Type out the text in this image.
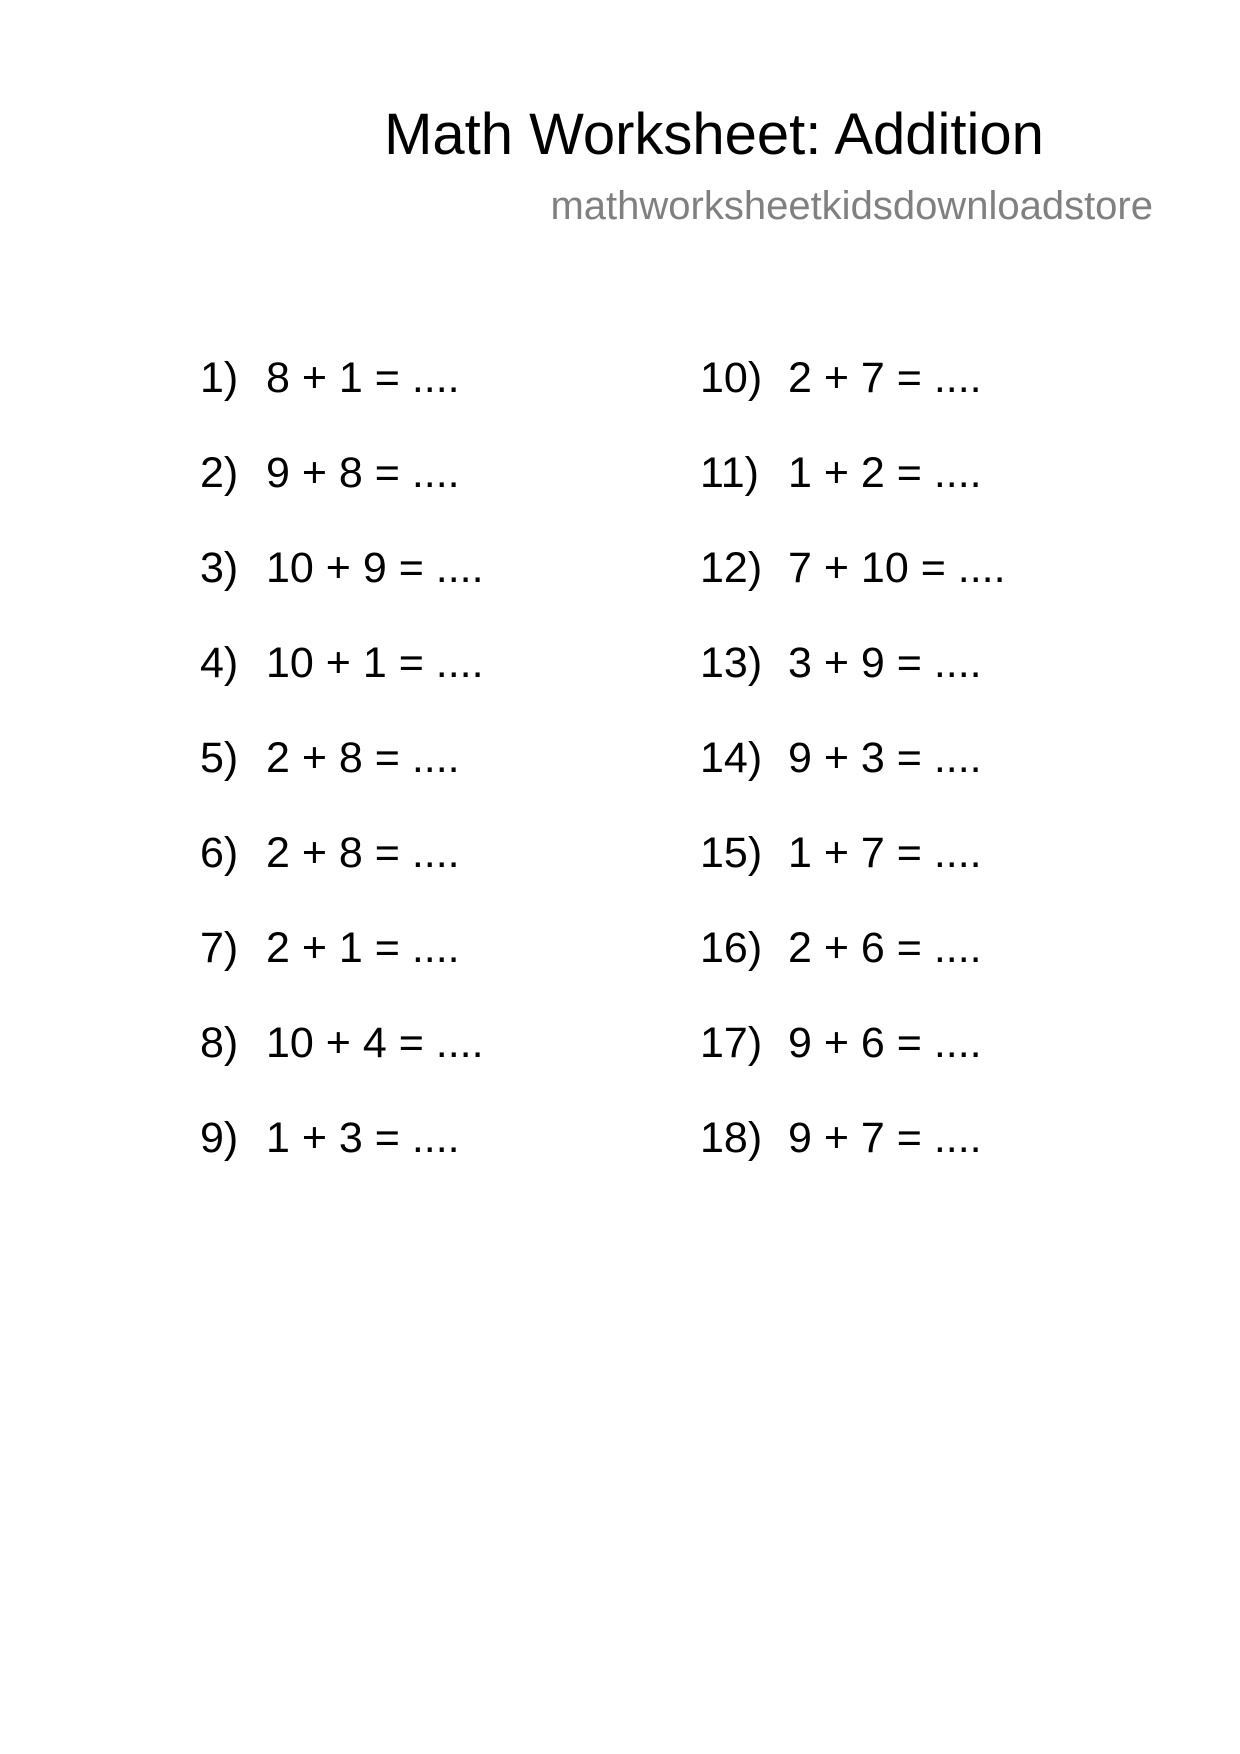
Math Worksheet: Addition
mathworksheetkidsdownloadstore
1) 8 + 1 = ....
2) 9 + 8 = ....
3) 10 + 9 = ....
4) 10 + 1 = ....
5) 2 + 8 = ....
6) 2 + 8 = ....
7) 2 + 1 = ....
8) 10 + 4 = ....
9) 1 + 3 = ....
10) 2 + 7 = ....
11) 1 + 2 = ....
12) 7 + 10 = ....
13) 3 + 9 = ....
14) 9 + 3 = ....
15) 1 + 7 = ....
16) 2 + 6 = ....
17) 9 + 6 = ....
18) 9 + 7 = ....
